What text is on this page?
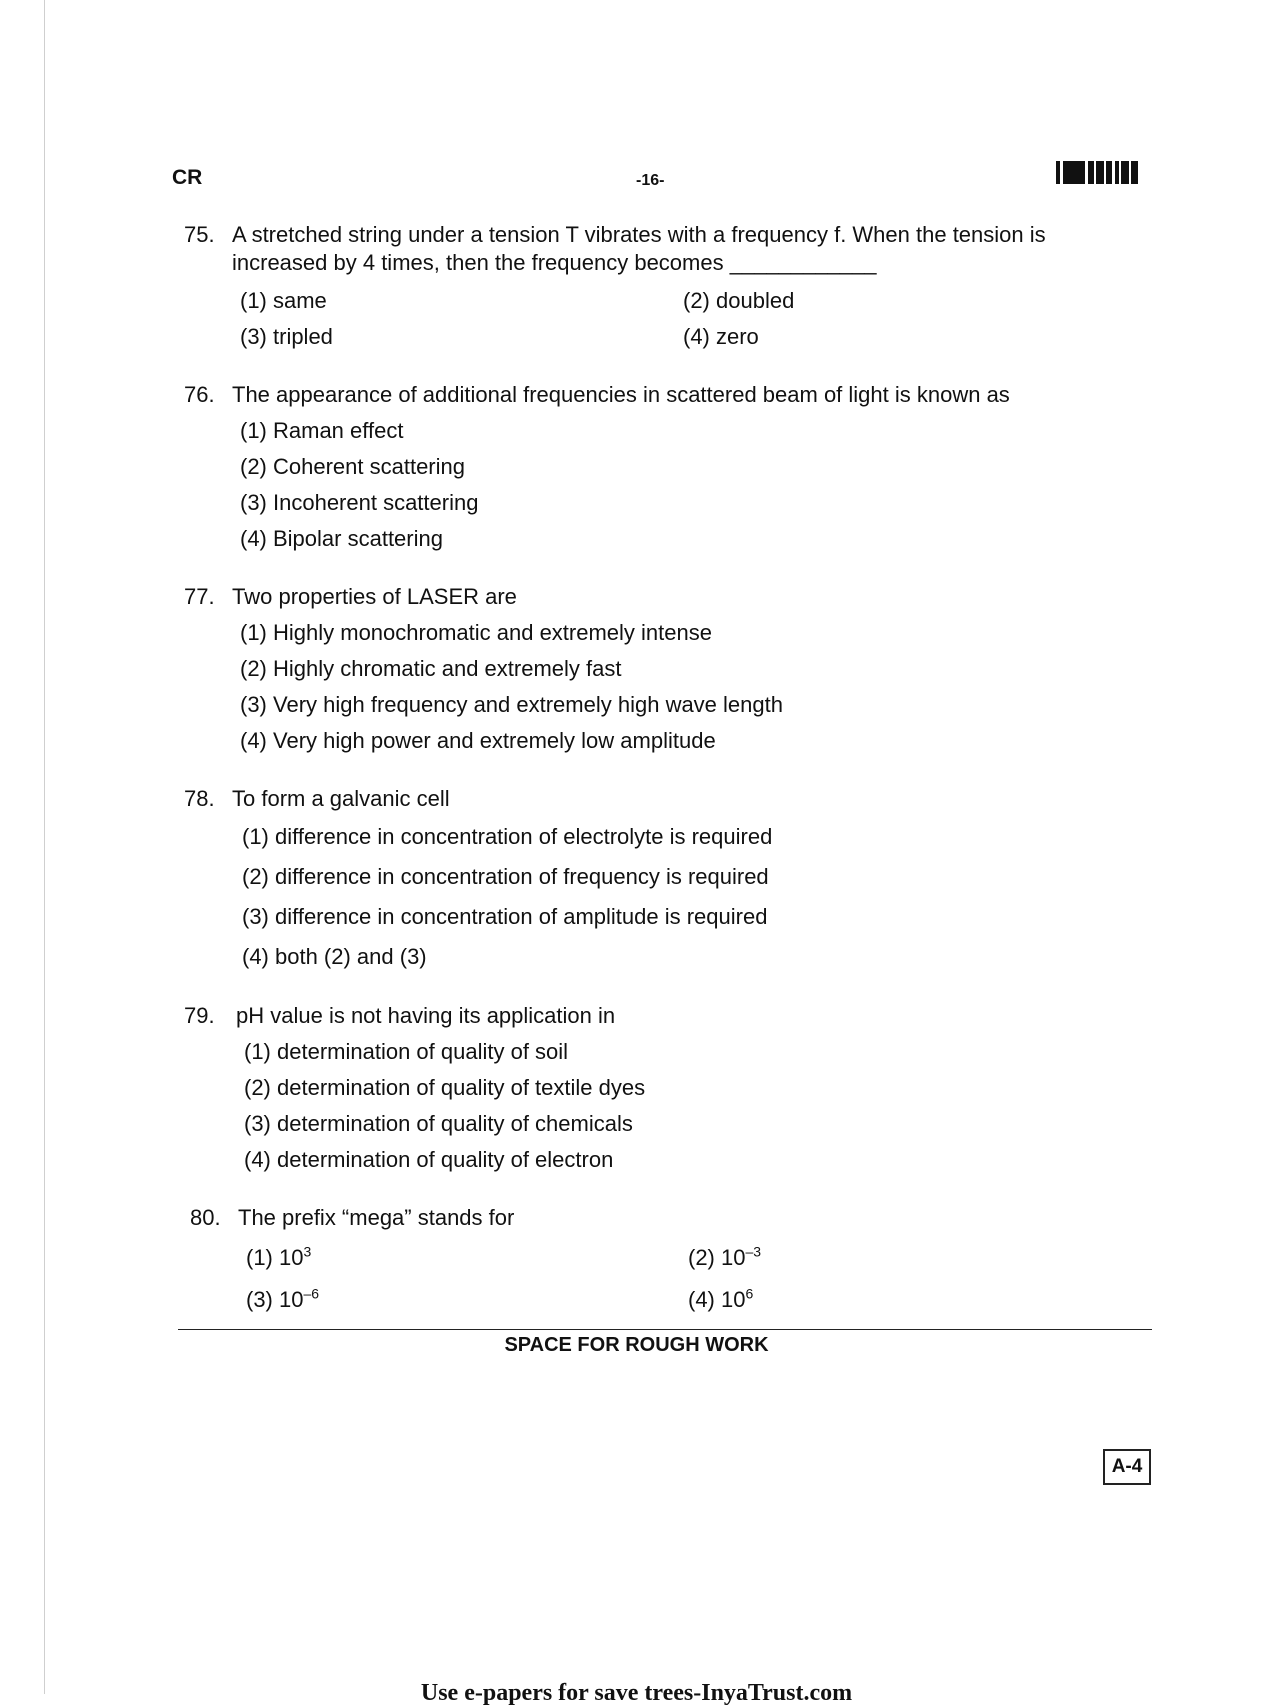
CR	-16-
75. A stretched string under a tension T vibrates with a frequency f. When the tension is increased by 4 times, then the frequency becomes ____________
(1) same	(2) doubled
(3) tripled	(4) zero
76. The appearance of additional frequencies in scattered beam of light is known as
(1) Raman effect
(2) Coherent scattering
(3) Incoherent scattering
(4) Bipolar scattering
77. Two properties of LASER are
(1) Highly monochromatic and extremely intense
(2) Highly chromatic and extremely fast
(3) Very high frequency and extremely high wave length
(4) Very high power and extremely low amplitude
78. To form a galvanic cell
(1) difference in concentration of electrolyte is required
(2) difference in concentration of frequency is required
(3) difference in concentration of amplitude is required
(4) both (2) and (3)
79. pH value is not having its application in
(1) determination of quality of soil
(2) determination of quality of textile dyes
(3) determination of quality of chemicals
(4) determination of quality of electron
80. The prefix “mega” stands for
(1) $10^3$	(2) $10^{-3}$
(3) $10^{-6}$	(4) $10^6$
SPACE FOR ROUGH WORK
A-4
Use e-papers for save trees-InyaTrust.com
